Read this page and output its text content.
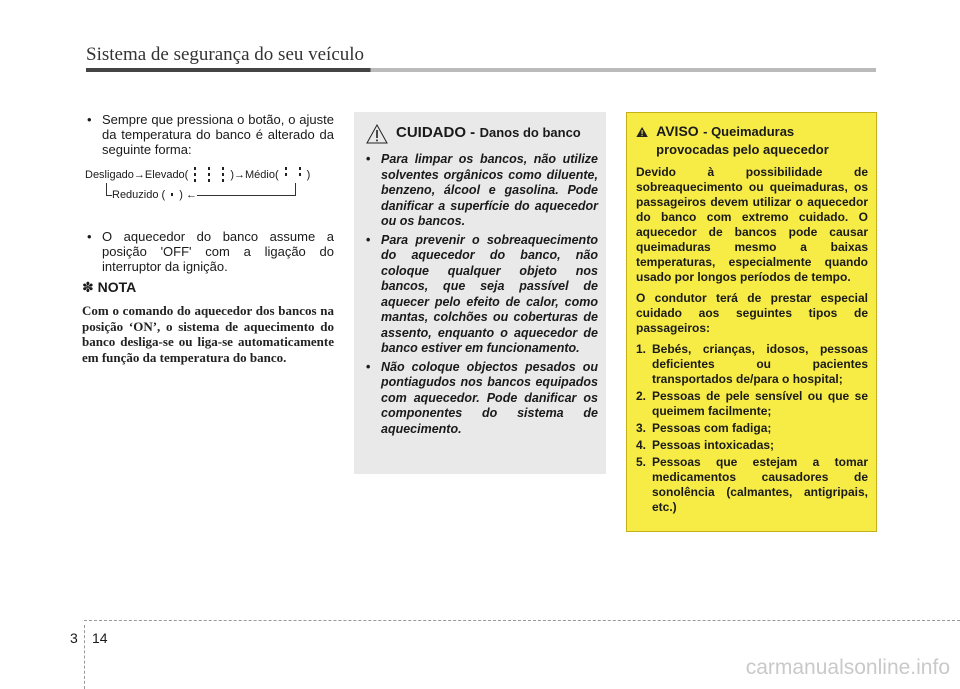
Sistema de segurança do seu veículo
• Sempre que pressiona o botão, o ajuste da temperatura do banco é alterado da seguinte forma:
Desligado→Elevado(	)→Médio(	)
Reduzido ( ) ←
• O aquecedor do banco assume a posição 'OFF' com a ligação do interruptor da ignição.
✽ NOTA
Com o comando do aquecedor dos bancos na posição ‘ON’, o sistema de aquecimento do banco desliga-se ou liga-se automaticamente em função da temperatura do banco.
CUIDADO - Danos do banco
• Para limpar os bancos, não utilize solventes orgânicos como diluente, benzeno, álcool e gasolina. Pode danificar a superfície do aquecedor ou os bancos.
• Para prevenir o sobreaquecimento do aquecedor do banco, não coloque qualquer objeto nos bancos, que seja passível de aquecer pelo efeito de calor, como mantas, colchões ou coberturas de assento, enquanto o aquecedor de banco estiver em funcionamento.
• Não coloque objectos pesados ou pontiagudos nos bancos equipados com aquecedor. Pode danificar os componentes do sistema de aquecimento.
AVISO - Queimaduras provocadas pelo aquecedor

Devido à possibilidade de sobreaquecimento ou queimaduras, os passageiros devem utilizar o aquecedor do banco com extremo cuidado. O aquecedor de bancos pode causar queimaduras mesmo a baixas temperaturas, especialmente quando usado por longos períodos de tempo.

O condutor terá de prestar especial cuidado aos seguintes tipos de passageiros:

1. Bebés, crianças, idosos, pessoas deficientes ou pacientes transportados de/para o hospital;
2. Pessoas de pele sensível ou que se queimem facilmente;
3. Pessoas com fadiga;
4. Pessoas intoxicadas;
5. Pessoas que estejam a tomar medicamentos causadores de sonolência (calmantes, antigripais, etc.)
3 14
carmanualsonline.info
